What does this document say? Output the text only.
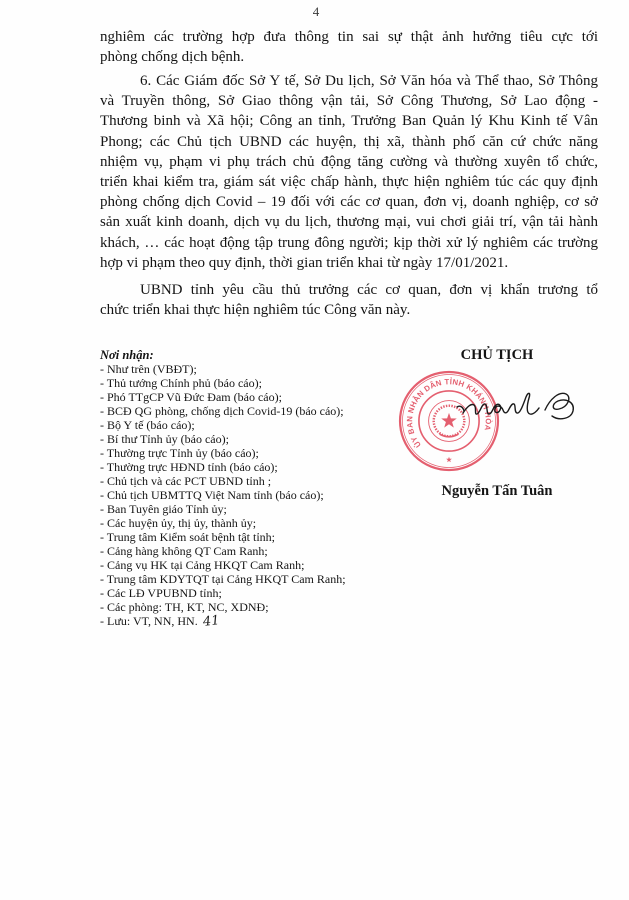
4
nghiêm các trường hợp đưa thông tin sai sự thật ảnh hưởng tiêu cực tới
phòng chống dịch bệnh.
6. Các Giám đốc Sở Y tế, Sở Du lịch, Sở Văn hóa và Thể thao, Sở Thông
và Truyền thông, Sở Giao thông vận tải, Sở Công Thương, Sở Lao động -
Thương binh và Xã hội; Công an tỉnh, Trưởng Ban Quản lý Khu Kinh tế Vân
Phong; các Chủ tịch UBND các huyện, thị xã, thành phố căn cứ chức năng
nhiệm vụ, phạm vi phụ trách chủ động tăng cường và thường xuyên tổ chức,
triển khai kiểm tra, giám sát việc chấp hành, thực hiện nghiêm túc các quy định
phòng chống dịch Covid – 19 đối với các cơ quan, đơn vị, doanh nghiệp, cơ sở
sản xuất kinh doanh, dịch vụ du lịch, thương mại, vui chơi giải trí, vận tải hành
khách, … các hoạt động tập trung đông người; kịp thời xử lý nghiêm các trường
hợp vi phạm theo quy định, thời gian triển khai từ ngày 17/01/2021.
UBND tỉnh yêu cầu thủ trưởng các cơ quan, đơn vị khẩn trương tổ
chức triển khai thực hiện nghiêm túc Công văn này.
Nơi nhận:
- Như trên (VBĐT);
- Thủ tướng Chính phủ (báo cáo);
- Phó TTgCP Vũ Đức Đam (báo cáo);
- BCĐ QG phòng, chống dịch Covid-19 (báo cáo);
- Bộ Y tế (báo cáo);
- Bí thư Tỉnh ủy (báo cáo);
- Thường trực Tỉnh ủy (báo cáo);
- Thường trực HĐND tỉnh (báo cáo);
- Chủ tịch và các PCT UBND tỉnh ;
- Chủ tịch UBMTTQ Việt Nam tỉnh (báo cáo);
- Ban Tuyên giáo Tỉnh ủy;
- Các huyện ủy, thị ủy, thành ủy;
- Trung tâm Kiểm soát bệnh tật tỉnh;
- Cảng hàng không QT Cam Ranh;
- Cảng vụ HK tại Cảng HKQT Cam Ranh;
- Trung tâm KDYTQT tại Cảng HKQT Cam Ranh;
- Các LĐ VPUBND tỉnh;
- Các phòng: TH, KT, NC, XDNĐ;
- Lưu: VT, NN, HN. 41
CHỦ TỊCH
ỦY BAN NHÂN DÂN TỈNH KHÁNH HÒA
Nguyễn Tấn Tuân
